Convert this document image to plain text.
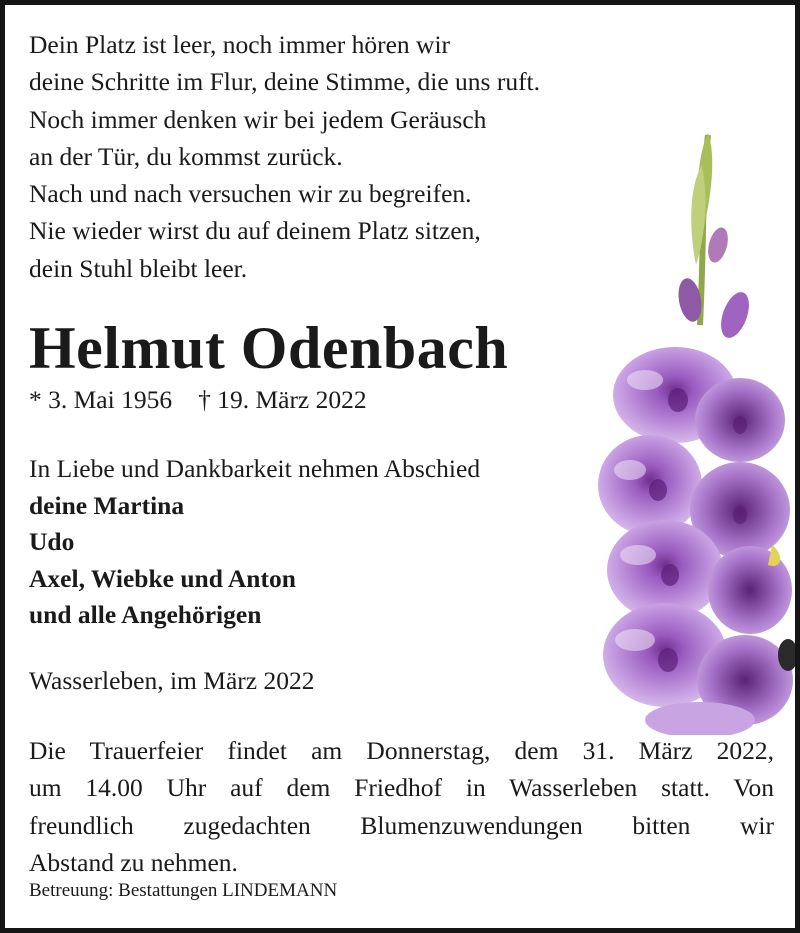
Dein Platz ist leer, noch immer hören wir
deine Schritte im Flur, deine Stimme, die uns ruft.
Noch immer denken wir bei jedem Geräusch
an der Tür, du kommst zurück.
Nach und nach versuchen wir zu begreifen.
Nie wieder wirst du auf deinem Platz sitzen,
dein Stuhl bleibt leer.
Helmut Odenbach
* 3. Mai 1956 † 19. März 2022
In Liebe und Dankbarkeit nehmen Abschied
deine Martina
Udo
Axel, Wiebke und Anton
und alle Angehörigen
Wasserleben, im März 2022
Die Trauerfeier findet am Donnerstag, dem 31. März 2022,
um 14.00 Uhr auf dem Friedhof in Wasserleben statt. Von
freundlich zugedachten Blumenzuwendungen bitten wir
Abstand zu nehmen.
Betreuung: Bestattungen LINDEMANN
